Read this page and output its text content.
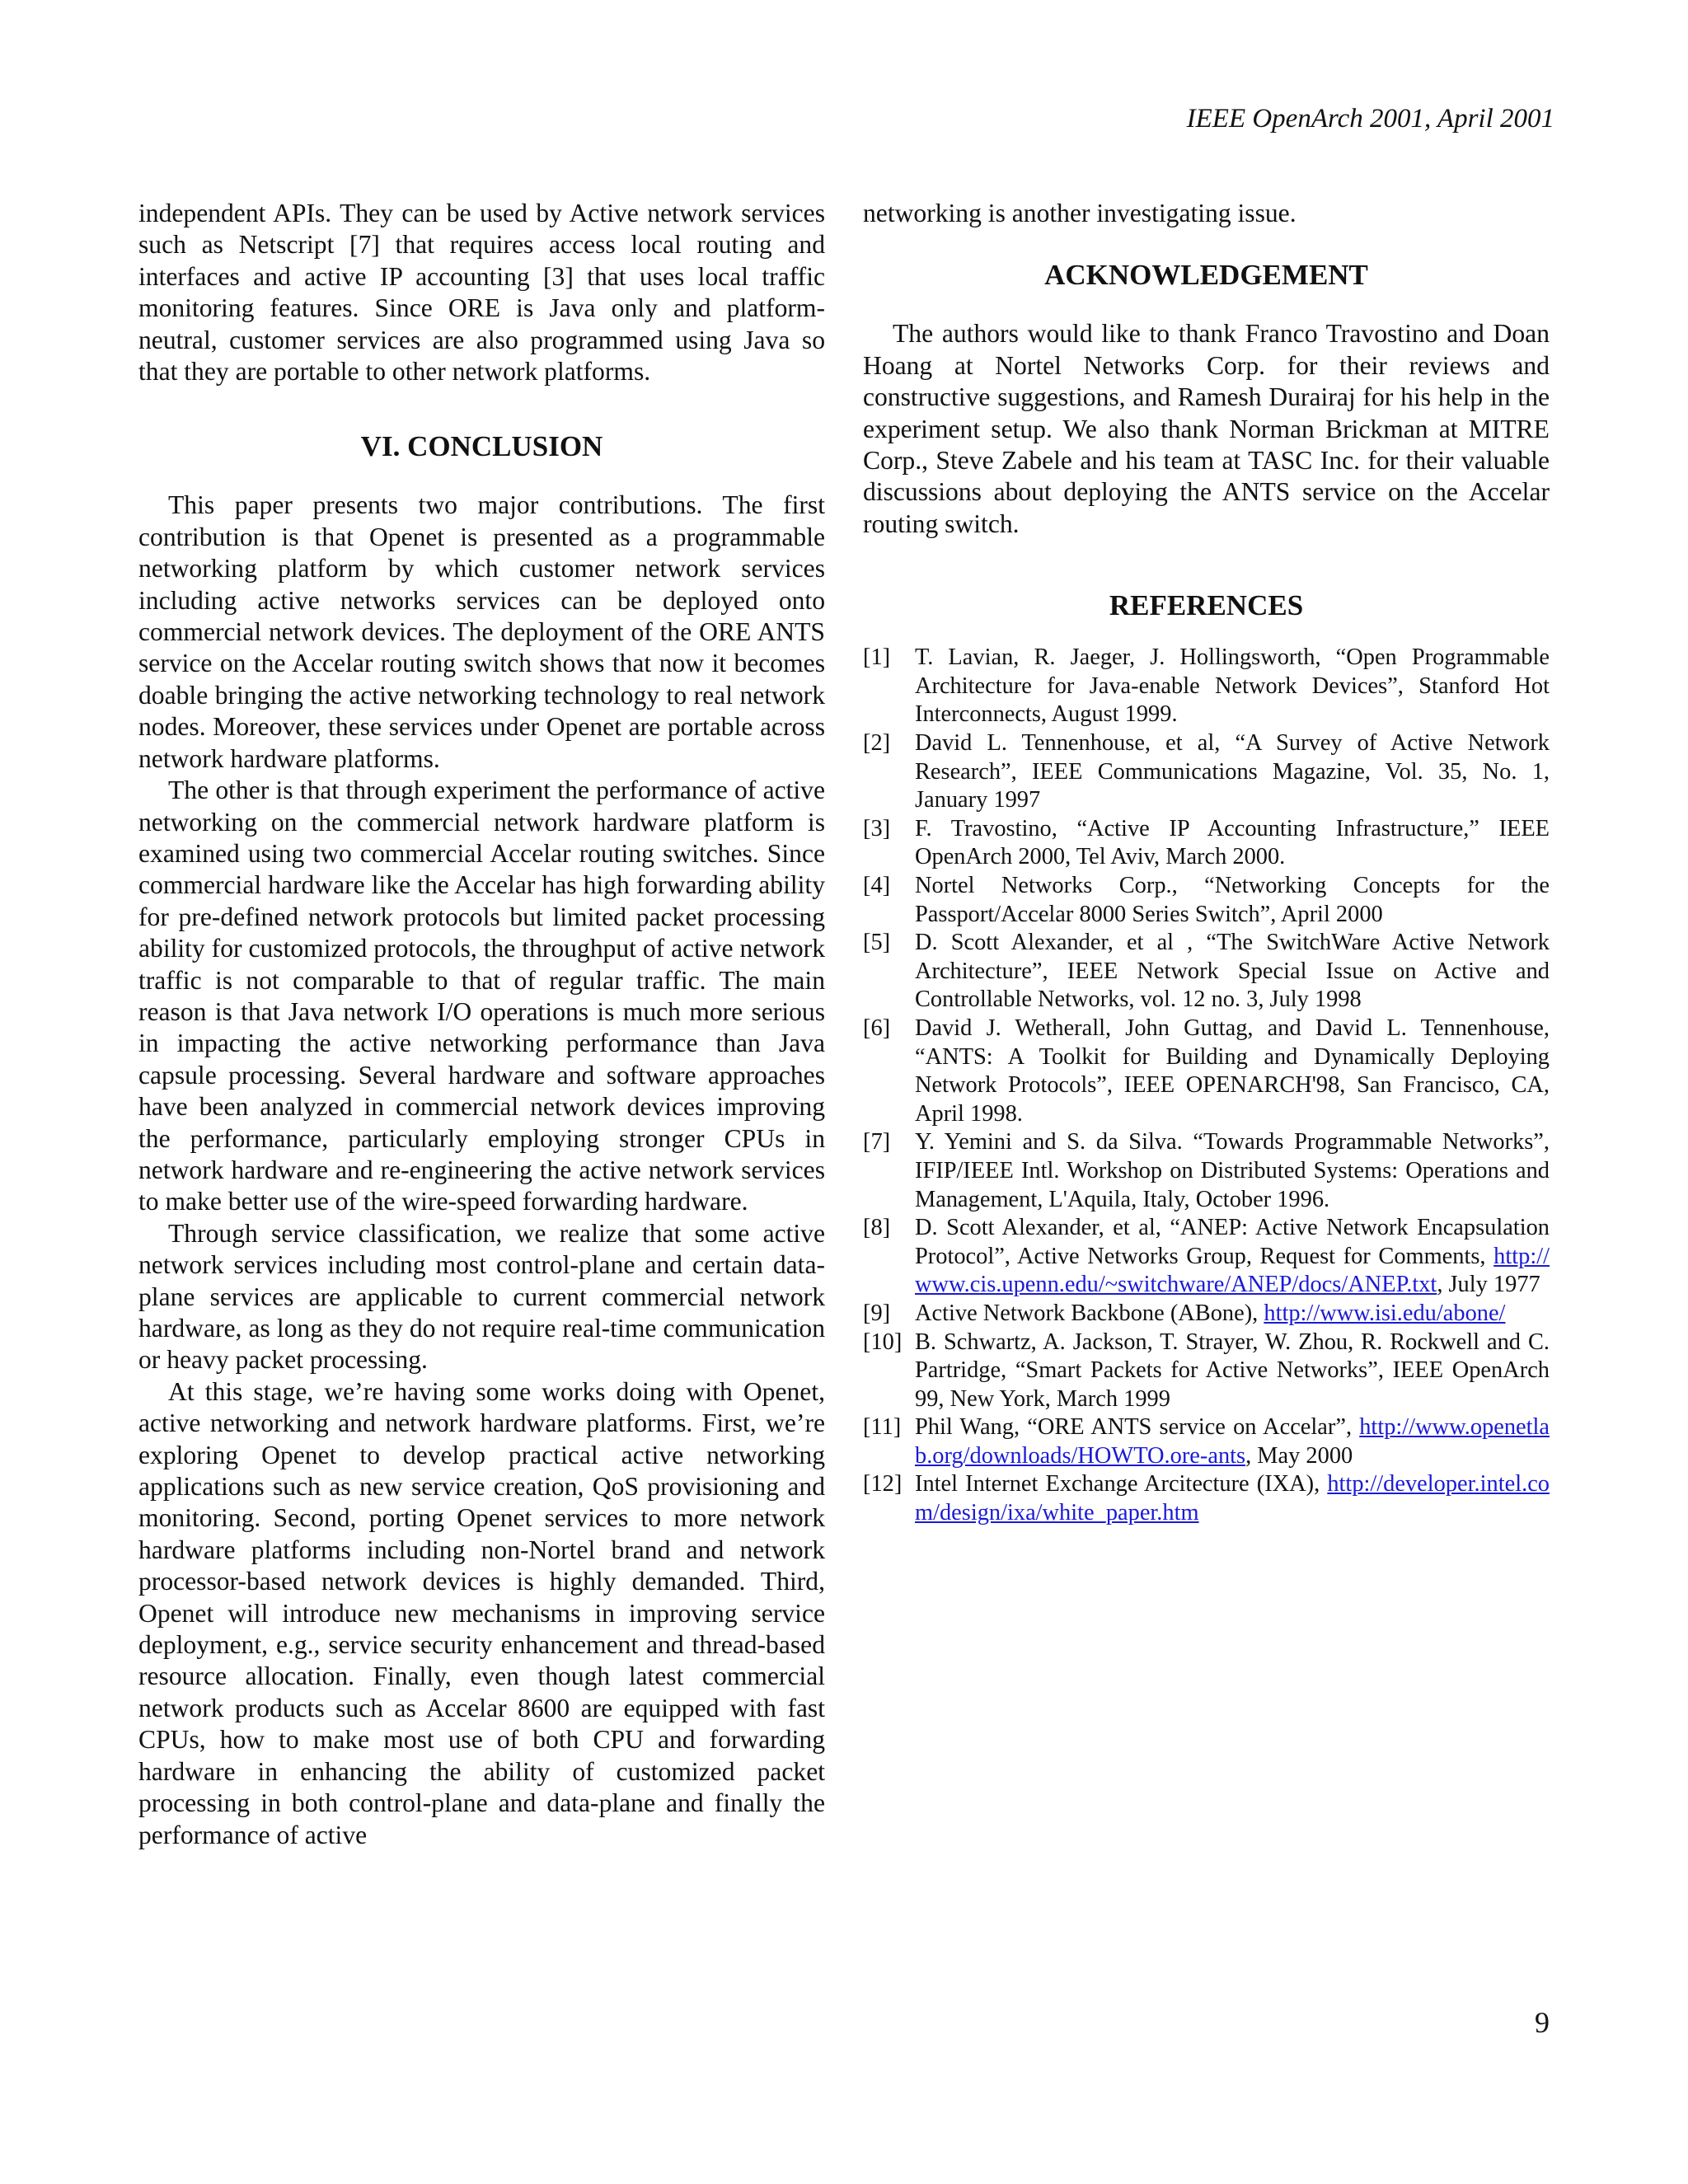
IEEE OpenArch 2001, April 2001

independent APIs. They can be used by Active network services such as Netscript [7] that requires access local routing and interfaces and active IP accounting [3] that uses local traffic monitoring features. Since ORE is Java only and platform-neutral, customer services are also programmed using Java so that they are portable to other network platforms.

VI. CONCLUSION

This paper presents two major contributions. The first contribution is that Openet is presented as a programmable networking platform by which customer network services including active networks services can be deployed onto commercial network devices. The deployment of the ORE ANTS service on the Accelar routing switch shows that now it becomes doable bringing the active networking technology to real network nodes. Moreover, these services under Openet are portable across network hardware platforms.

The other is that through experiment the performance of active networking on the commercial network hardware platform is examined using two commercial Accelar routing switches. Since commercial hardware like the Accelar has high forwarding ability for pre-defined network protocols but limited packet processing ability for customized protocols, the throughput of active network traffic is not comparable to that of regular traffic. The main reason is that Java network I/O operations is much more serious in impacting the active networking performance than Java capsule processing. Several hardware and software approaches have been analyzed in commercial network devices improving the performance, particularly employing stronger CPUs in network hardware and re-engineering the active network services to make better use of the wire-speed forwarding hardware.

Through service classification, we realize that some active network services including most control-plane and certain data-plane services are applicable to current commercial network hardware, as long as they do not require real-time communication or heavy packet processing.

At this stage, we’re having some works doing with Openet, active networking and network hardware platforms. First, we’re exploring Openet to develop practical active networking applications such as new service creation, QoS provisioning and monitoring. Second, porting Openet services to more network hardware platforms including non-Nortel brand and network processor-based network devices is highly demanded. Third, Openet will introduce new mechanisms in improving service deployment, e.g., service security enhancement and thread-based resource allocation. Finally, even though latest commercial network products such as Accelar 8600 are equipped with fast CPUs, how to make most use of both CPU and forwarding hardware in enhancing the ability of customized packet processing in both control-plane and data-plane and finally the performance of active

networking is another investigating issue.

ACKNOWLEDGEMENT

The authors would like to thank Franco Travostino and Doan Hoang at Nortel Networks Corp. for their reviews and constructive suggestions, and Ramesh Durairaj for his help in the experiment setup. We also thank Norman Brickman at MITRE Corp., Steve Zabele and his team at TASC Inc. for their valuable discussions about deploying the ANTS service on the Accelar routing switch.

REFERENCES
[1] T. Lavian, R. Jaeger, J. Hollingsworth, “Open Programmable Architecture for Java-enable Network Devices”, Stanford Hot Interconnects, August 1999.
[2] David L. Tennenhouse, et al, “A Survey of Active Network Research”, IEEE Communications Magazine, Vol. 35, No. 1, January 1997
[3] F. Travostino, “Active IP Accounting Infrastructure,” IEEE OpenArch 2000, Tel Aviv, March 2000.
[4] Nortel Networks Corp., “Networking Concepts for the Passport/Accelar 8000 Series Switch”, April 2000
[5] D. Scott Alexander, et al , “The SwitchWare Active Network Architecture”, IEEE Network Special Issue on Active and Controllable Networks, vol. 12 no. 3, July 1998
[6] David J. Wetherall, John Guttag, and David L. Tennenhouse, “ANTS: A Toolkit for Building and Dynamically Deploying Network Protocols”, IEEE OPENARCH'98, San Francisco, CA, April 1998.
[7] Y. Yemini and S. da Silva. “Towards Programmable Networks”, IFIP/IEEE Intl. Workshop on Distributed Systems: Operations and Management, L'Aquila, Italy, October 1996.
[8] D. Scott Alexander, et al, “ANEP: Active Network Encapsulation Protocol”, Active Networks Group, Request for Comments, http://www.cis.upenn.edu/~switchware/ANEP/docs/ANEP.txt, July 1977
[9] Active Network Backbone (ABone), http://www.isi.edu/abone/
[10] B. Schwartz, A. Jackson, T. Strayer, W. Zhou, R. Rockwell and C. Partridge, “Smart Packets for Active Networks”, IEEE OpenArch 99, New York, March 1999
[11] Phil Wang, “ORE ANTS service on Accelar”, http://www.openetlab.org/downloads/HOWTO.ore-ants, May 2000
[12] Intel Internet Exchange Arcitecture (IXA), http://developer.intel.com/design/ixa/white_paper.htm
9
